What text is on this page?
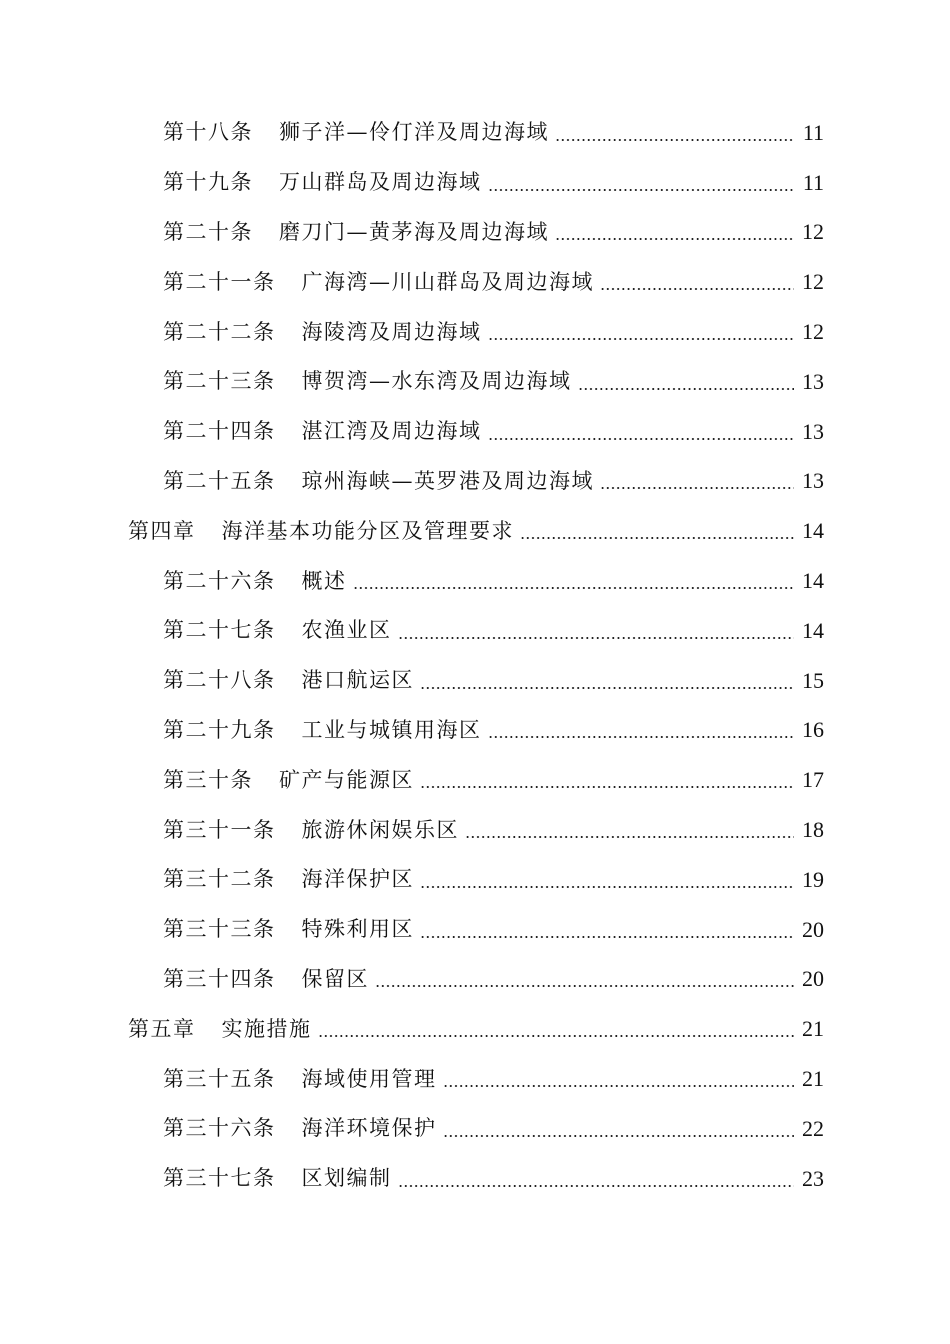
第十八条 狮子洋—伶仃洋及周边海域	11
第十九条 万山群岛及周边海域	11
第二十条 磨刀门—黄茅海及周边海域	12
第二十一条 广海湾—川山群岛及周边海域	12
第二十二条 海陵湾及周边海域	12
第二十三条 博贺湾—水东湾及周边海域	13
第二十四条 湛江湾及周边海域	13
第二十五条 琼州海峡—英罗港及周边海域	13
第四章 海洋基本功能分区及管理要求	14
第二十六条 概述	14
第二十七条 农渔业区	14
第二十八条 港口航运区	15
第二十九条 工业与城镇用海区	16
第三十条 矿产与能源区	17
第三十一条 旅游休闲娱乐区	18
第三十二条 海洋保护区	19
第三十三条 特殊利用区	20
第三十四条 保留区	20
第五章 实施措施	21
第三十五条 海域使用管理	21
第三十六条 海洋环境保护	22
第三十七条 区划编制	23
